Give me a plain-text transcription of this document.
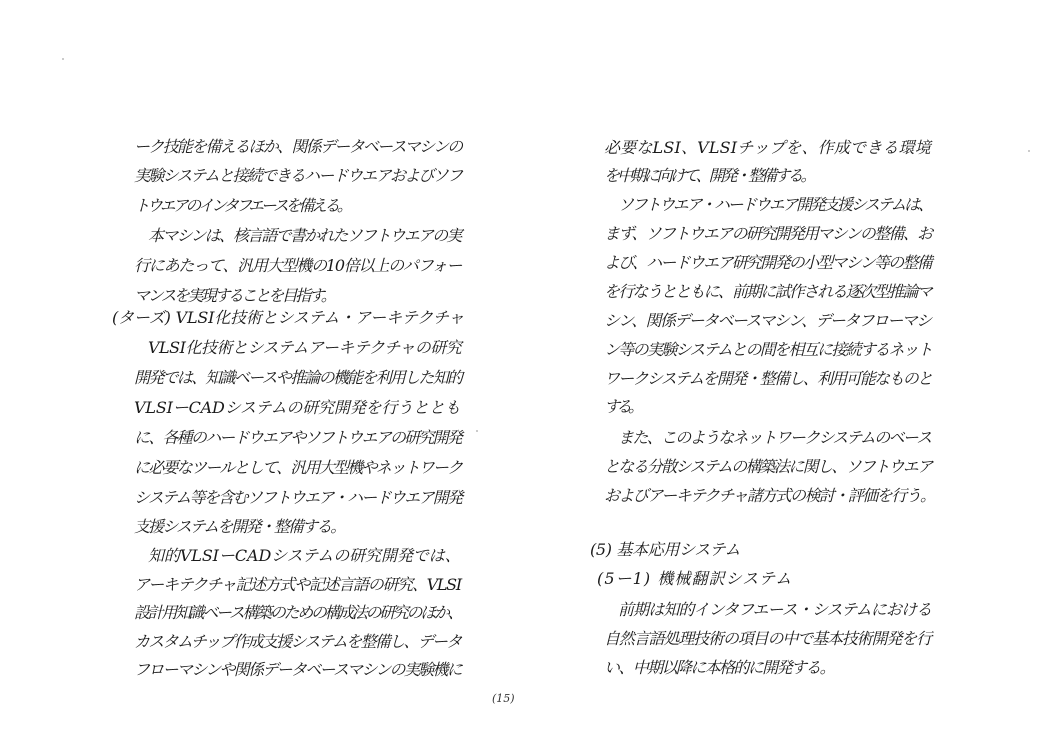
ーク技能を備えるほか、関係データベースマシンの
実験システムと接続できるハードウエアおよびソフ
トウエアのインタフエースを備える。
本マシンは、核言語で書かれたソフトウエアの実
行にあたって、汎用大型機の10倍以上のパフォー
マンスを実現することを目指す。
(ターズ) VLSI化技術とシステム・アーキテクチャ
VLSI化技術とシステムアーキテクチャの研究
開発では、知識ベースや推論の機能を利用した知的
VLSIーCADシステムの研究開発を行うととも
に、各種のハードウエアやソフトウエアの研究開発
に必要なツールとして、汎用大型機やネットワーク
システム等を含むソフトウエア・ハードウエア開発
支援システムを開発・整備する。
知的VLSIーCADシステムの研究開発では、
アーキテクチャ記述方式や記述言語の研究、VLSI
設計用知識ベース構築のための構成法の研究のほか、
カスタムチップ作成支援システムを整備し、データ
フローマシンや関係データベースマシンの実験機に
必要なLSI、VLSIチップを、作成できる環境
を中期に向けて、開発・整備する。
ソフトウエア・ハードウエア開発支援システムは、
まず、ソフトウエアの研究開発用マシンの整備、お
よび、ハードウエア研究開発の小型マシン等の整備
を行なうとともに、前期に試作される逐次型推論マ
シン、関係データベースマシン、データフローマシ
ン等の実験システムとの間を相互に接続するネット
ワークシステムを開発・整備し、利用可能なものと
する。
また、このようなネットワークシステムのベース
となる分散システムの構築法に関し、ソフトウエア
およびアーキテクチャ諸方式の検討・評価を行う。
(5) 基本応用システム
(5ー1) 機械翻訳システム
前期は知的インタフエース・システムにおける
自然言語処理技術の項目の中で基本技術開発を行
い、中期以降に本格的に開発する。
(15)
